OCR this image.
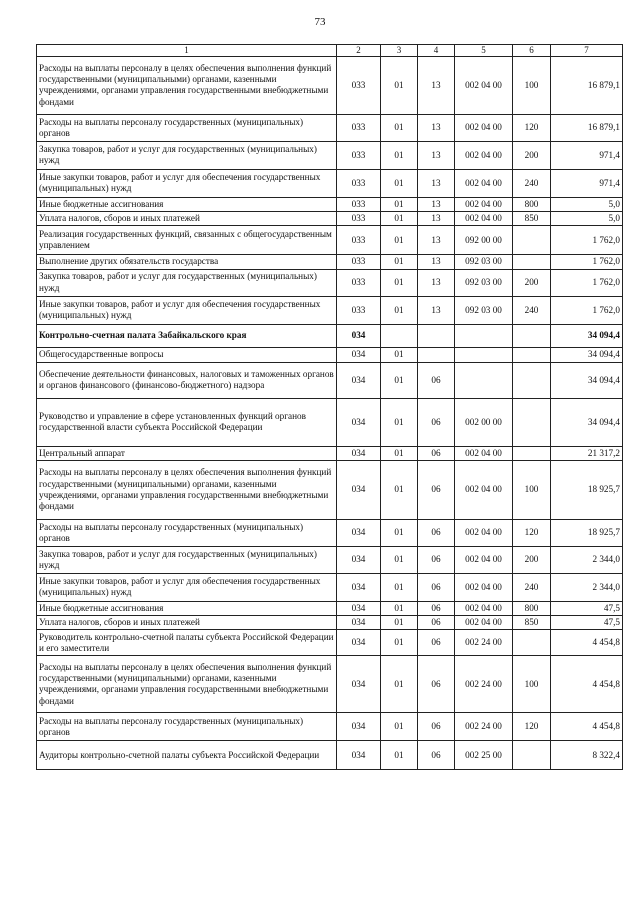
73
1	2	3	4	5	6	7
Расходы на выплаты персоналу в целях обеспечения выполнения функций государственными (муниципальными) органами, казенными учреждениями, органами управления государственными внебюджетными фондами	033	01	13	002 04 00	100	16 879,1
Расходы на выплаты персоналу государственных (муниципальных) органов	033	01	13	002 04 00	120	16 879,1
Закупка товаров, работ и услуг для государственных (муниципальных) нужд	033	01	13	002 04 00	200	971,4
Иные закупки товаров, работ и услуг для обеспечения государственных (муниципальных) нужд	033	01	13	002 04 00	240	971,4
Иные бюджетные ассигнования	033	01	13	002 04 00	800	5,0
Уплата налогов, сборов и иных платежей	033	01	13	002 04 00	850	5,0
Реализация государственных функций, связанных с общегосударственным управлением	033	01	13	092 00 00		1 762,0
Выполнение других обязательств государства	033	01	13	092 03 00		1 762,0
Закупка товаров, работ и услуг для государственных (муниципальных) нужд	033	01	13	092 03 00	200	1 762,0
Иные закупки товаров, работ и услуг для обеспечения государственных (муниципальных) нужд	033	01	13	092 03 00	240	1 762,0
Контрольно-счетная палата Забайкальского края	034					34 094,4
Общегосударственные вопросы	034	01				34 094,4
Обеспечение деятельности финансовых, налоговых и таможенных органов и органов финансового (финансово-бюджетного) надзора	034	01	06			34 094,4
Руководство и управление в сфере установленных функций органов государственной власти субъекта Российской Федерации	034	01	06	002 00 00		34 094,4
Центральный аппарат	034	01	06	002 04 00		21 317,2
Расходы на выплаты персоналу в целях обеспечения выполнения функций государственными (муниципальными) органами, казенными учреждениями, органами управления государственными внебюджетными фондами	034	01	06	002 04 00	100	18 925,7
Расходы на выплаты персоналу государственных (муниципальных) органов	034	01	06	002 04 00	120	18 925,7
Закупка товаров, работ и услуг для государственных (муниципальных) нужд	034	01	06	002 04 00	200	2 344,0
Иные закупки товаров, работ и услуг для обеспечения государственных (муниципальных) нужд	034	01	06	002 04 00	240	2 344,0
Иные бюджетные ассигнования	034	01	06	002 04 00	800	47,5
Уплата налогов, сборов и иных платежей	034	01	06	002 04 00	850	47,5
Руководитель контрольно-счетной палаты субъекта Российской Федерации и его заместители	034	01	06	002 24 00		4 454,8
Расходы на выплаты персоналу в целях обеспечения выполнения функций государственными (муниципальными) органами, казенными учреждениями, органами управления государственными внебюджетными фондами	034	01	06	002 24 00	100	4 454,8
Расходы на выплаты персоналу государственных (муниципальных) органов	034	01	06	002 24 00	120	4 454,8
Аудиторы контрольно-счетной палаты субъекта Российской Федерации	034	01	06	002 25 00		8 322,4
